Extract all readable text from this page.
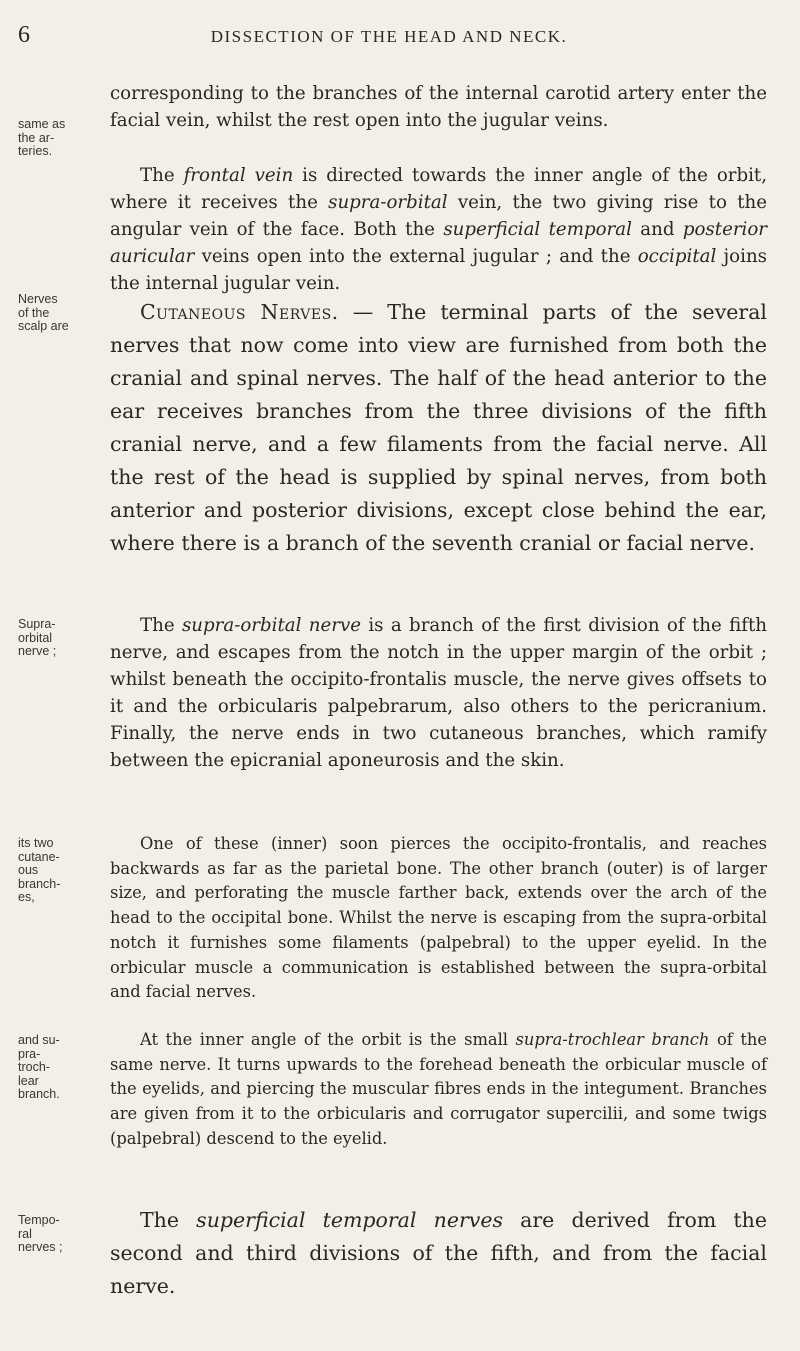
6	DISSECTION OF THE HEAD AND NECK.
same as
the ar-
teries.
Nerves
of the
scalp are
Supra-
orbital
nerve ;
its two
cutane-
ous
branch-
es,
and su-
pra-
troch-
lear
branch.
Tempo-
ral
nerves ;

corresponding to the branches of the internal carotid artery enter the facial vein, whilst the rest open into the jugular veins.

The frontal vein is directed towards the inner angle of the orbit, where it receives the supra-orbital vein, the two giving rise to the angular vein of the face. Both the superficial temporal and posterior auricular veins open into the external jugular ; and the occipital joins the internal jugular vein.

Cutaneous Nerves. — The terminal parts of the several nerves that now come into view are furnished from both the cranial and spinal nerves. The half of the head anterior to the ear receives branches from the three divisions of the fifth cranial nerve, and a few filaments from the facial nerve. All the rest of the head is supplied by spinal nerves, from both anterior and posterior divisions, except close behind the ear, where there is a branch of the seventh cranial or facial nerve.

The supra-orbital nerve is a branch of the first division of the fifth nerve, and escapes from the notch in the upper margin of the orbit ; whilst beneath the occipito-frontalis muscle, the nerve gives offsets to it and the orbicularis palpebrarum, also others to the pericranium. Finally, the nerve ends in two cutaneous branches, which ramify between the epicranial aponeurosis and the skin.

One of these (inner) soon pierces the occipito-frontalis, and reaches backwards as far as the parietal bone. The other branch (outer) is of larger size, and perforating the muscle farther back, extends over the arch of the head to the occipital bone. Whilst the nerve is escaping from the supra-orbital notch it furnishes some filaments (palpebral) to the upper eyelid. In the orbicular muscle a communication is established between the supra-orbital and facial nerves.

At the inner angle of the orbit is the small supra-trochlear branch of the same nerve. It turns upwards to the forehead beneath the orbicular muscle of the eyelids, and piercing the muscular fibres ends in the integument. Branches are given from it to the orbicularis and corrugator supercilii, and some twigs (palpebral) descend to the eyelid.

The superficial temporal nerves are derived from the second and third divisions of the fifth, and from the facial nerve.
